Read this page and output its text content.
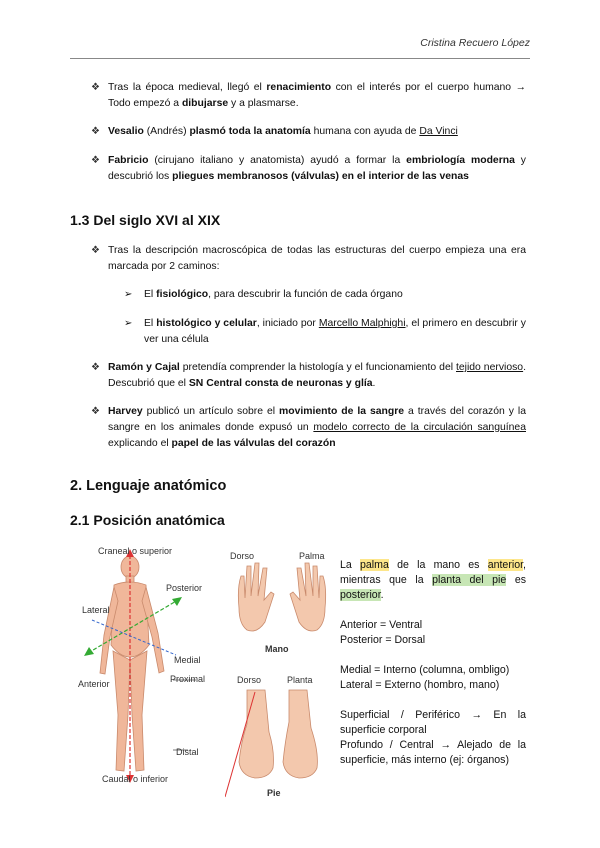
Cristina Recuero López
❖ Tras la época medieval, llegó el renacimiento con el interés por el cuerpo humano → Todo empezó a dibujarse y a plasmarse.
❖ Vesalio (Andrés) plasmó toda la anatomía humana con ayuda de Da Vinci
❖ Fabricio (cirujano italiano y anatomista) ayudó a formar la embriología moderna y descubrió los pliegues membranosos (válvulas) en el interior de las venas
1.3 Del siglo XVI al XIX
❖ Tras la descripción macroscópica de todas las estructuras del cuerpo empieza una era marcada por 2 caminos:
➢ El fisiológico, para descubrir la función de cada órgano
➢ El histológico y celular, iniciado por Marcello Malphighi, el primero en descubrir y ver una célula
❖ Ramón y Cajal pretendía comprender la histología y el funcionamiento del tejido nervioso. Descubrió que el SN Central consta de neuronas y glía.
❖ Harvey publicó un artículo sobre el movimiento de la sangre a través del corazón y la sangre en los animales donde expusó un modelo correcto de la circulación sanguínea explicando el papel de las válvulas del corazón
2. Lenguaje anatómico
2.1 Posición anatómica
Craneal o superior
Posterior
Lateral
Medial
Anterior	Proximal
Distal
Caudal o inferior
Dorso	Palma
Mano
Dorso	Planta
Pie

La palma de la mano es anterior, mientras que la planta del pie es posterior.

Anterior = Ventral
Posterior = Dorsal

Medial = Interno (columna, ombligo)
Lateral = Externo (hombro, mano)

Superficial / Periférico → En la superficie corporal
Profundo / Central → Alejado de la superficie, más interno (ej: órganos)
